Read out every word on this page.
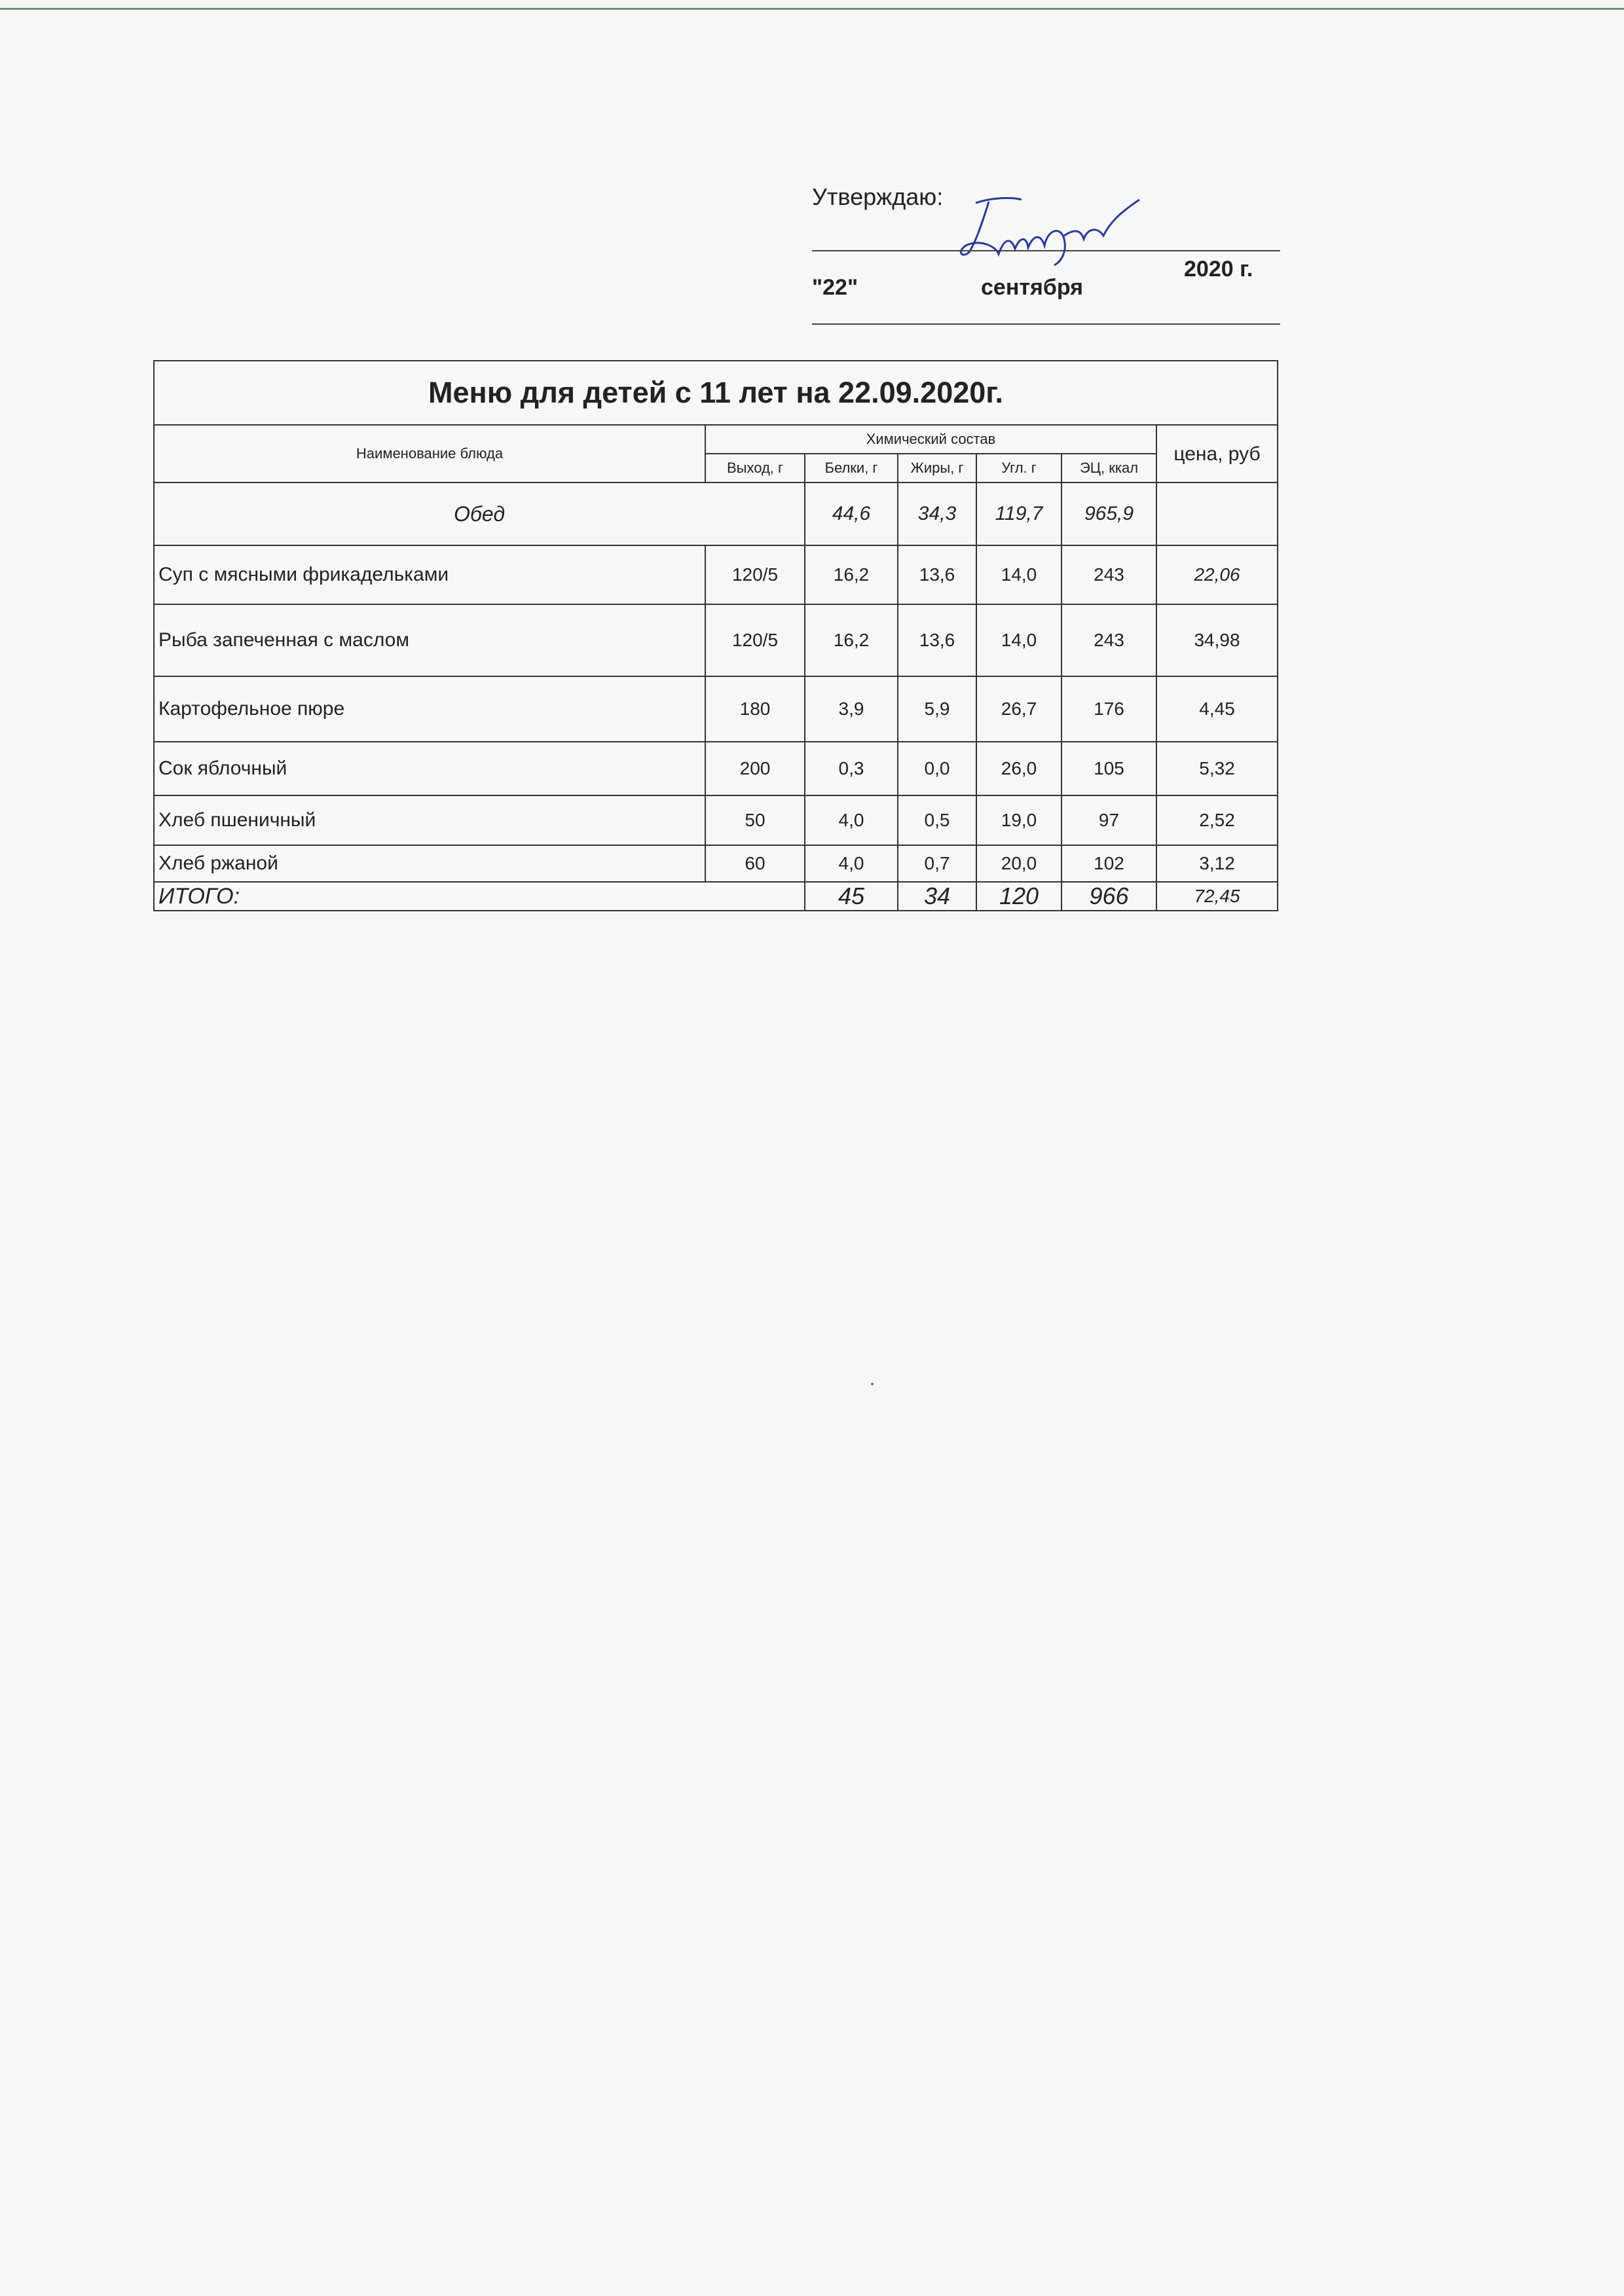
Утверждаю:
"22"	сентября
2020 г.
Меню для детей с 11 лет на 22.09.2020г.						
Наименование блюда	Химический состав					цена, руб
	Выход, г	Белки, г	Жиры, г	Угл. г	ЭЦ, ккал	
Обед		44,6	34,3	119,7	965,9	
Суп с мясными фрикадельками	120/5	16,2	13,6	14,0	243	22,06
Рыба запеченная с маслом	120/5	16,2	13,6	14,0	243	34,98
Картофельное пюре	180	3,9	5,9	26,7	176	4,45
Сок яблочный	200	0,3	0,0	26,0	105	5,32
Хлеб пшеничный	50	4,0	0,5	19,0	97	2,52
Хлеб ржаной	60	4,0	0,7	20,0	102	3,12
ИТОГО:		45	34	120	966	72,45
